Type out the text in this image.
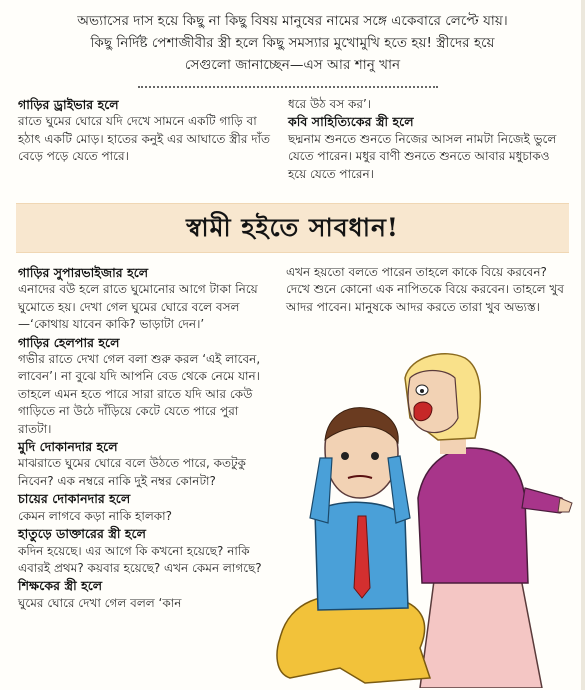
অভ্যাসের দাস হয়ে কিছু না কিছু বিষয় মানুষের নামের সঙ্গে একেবারে লেপ্টে যায়।

কিছু নির্দিষ্ট পেশাজীবীর স্ত্রী হলে কিছু সমস্যার মুখোমুখি হতে হয়! স্ত্রীদের হয়ে

সেগুলো জানাচ্ছেন—এস আর শানু খান

গাড়ির ড্রাইভার হলে

রাতে ঘুমের ঘোরে যদি দেখে সামনে একটি গাড়ি বা হঠাৎ একটি মোড়। হাতের কনুই এর আঘাতে স্ত্রীর দাঁত বেড়ে পড়ে যেতে পারে।

ধরে উঠ বস কর’।

কবি সাহিত্যিকের স্ত্রী হলে

ছদ্মনাম শুনতে শুনতে নিজের আসল নামটা নিজেই ভুলে যেতে পারেন। মধুর বাণী শুনতে শুনতে আবার মধুচাকও হয়ে যেতে পারেন।

স্বামী হইতে সাবধান!
গাড়ির সুপারভাইজার হলে

এনাদের বউ হলে রাতে ঘুমোনোর আগে টাকা নিয়ে ঘুমোতে হয়। দেখা গেল ঘুমের ঘোরে বলে বসল—‘কোথায় যাবেন কাকি? ভাড়াটা দেন।’

গাড়ির হেলপার হলে

গভীর রাতে দেখা গেল বলা শুরু করল ‘এই লাবেন, লাবেন’। না বুঝে যদি আপনি বেড থেকে নেমে যান। তাহলে এমন হতে পারে সারা রাতে যদি আর কেউ গাড়িতে না উঠে দাঁড়িয়ে কেটে যেতে পারে পুরা রাতটা।

মুদি দোকানদার হলে

মাঝরাতে ঘুমের ঘোরে বলে উঠতে পারে, কতটুকু নিবেন? এক নম্বরে নাকি দুই নম্বর কোনটা?

চায়ের দোকানদার হলে

কেমন লাগবে কড়া নাকি হালকা?

হাতুড়ে ডাক্তারের স্ত্রী হলে

কদিন হয়েছে। এর আগে কি কখনো হয়েছে? নাকি এবারই প্রথম? কয়বার হয়েছে? এখন কেমন লাগছে?

শিক্ষকের স্ত্রী হলে

ঘুমের ঘোরে দেখা গেল বলল ‘কান

এখন হয়তো বলতে পারেন তাহলে কাকে বিয়ে করবেন? দেখে শুনে কোনো এক নাপিতকে বিয়ে করবেন। তাহলে খুব আদর পাবেন। মানুষকে আদর করতে তারা খুব অভ্যস্ত।
